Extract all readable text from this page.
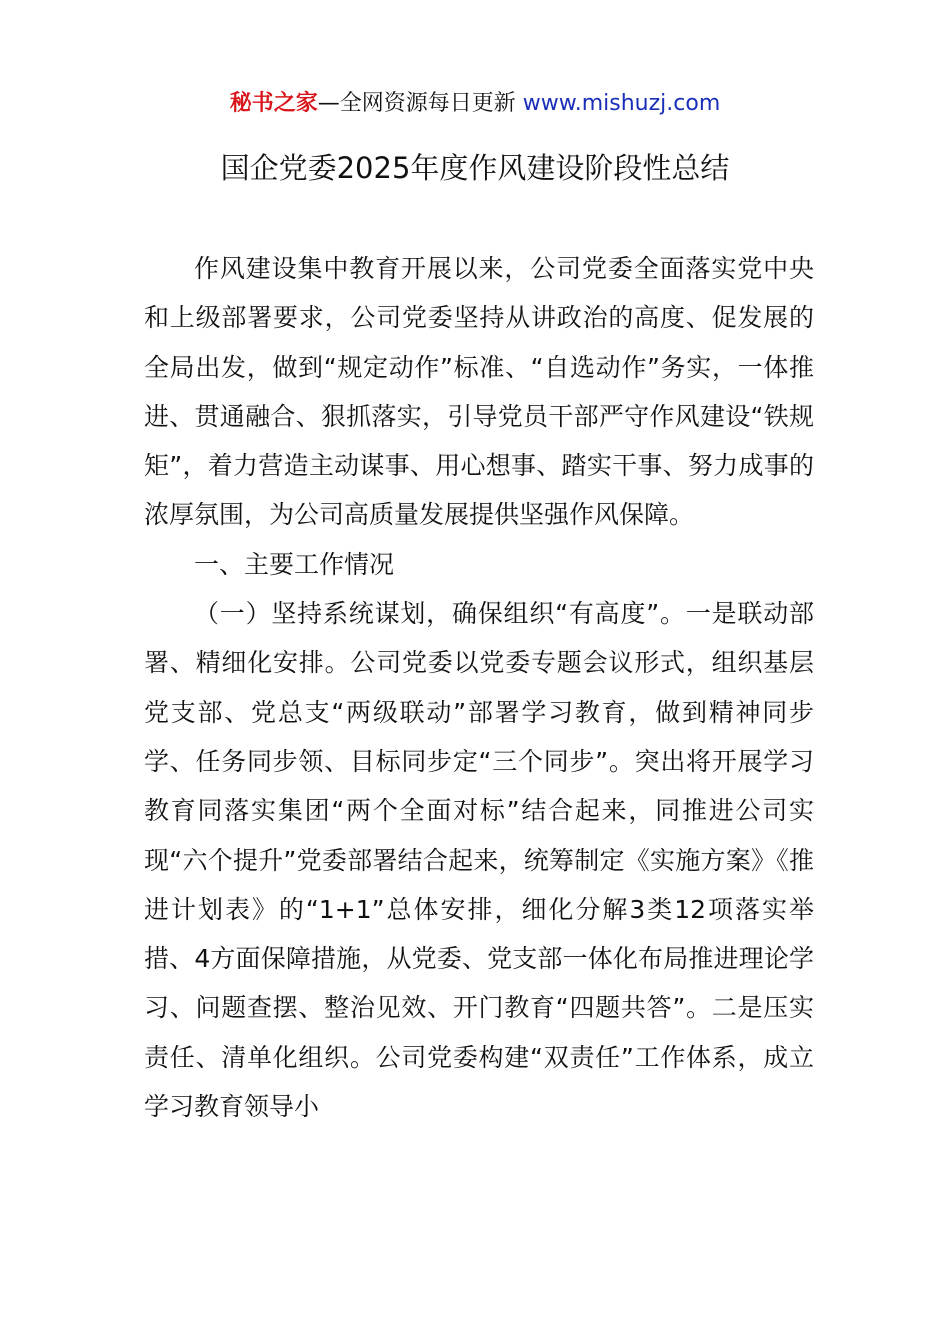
秘书之家—全网资源每日更新 www.mishuzj.com
国企党委2025年度作风建设阶段性总结

作风建设集中教育开展以来，公司党委全面落实党中央和上级部署要求，公司党委坚持从讲政治的高度、促发展的全局出发，做到“规定动作”标准、“自选动作”务实，一体推进、贯通融合、狠抓落实，引导党员干部严守作风建设“铁规矩”，着力营造主动谋事、用心想事、踏实干事、努力成事的浓厚氛围，为公司高质量发展提供坚强作风保障。

一、主要工作情况

（一）坚持系统谋划，确保组织“有高度”。一是联动部署、精细化安排。公司党委以党委专题会议形式，组织基层党支部、党总支“两级联动”部署学习教育，做到精神同步学、任务同步领、目标同步定“三个同步”。突出将开展学习教育同落实集团“两个全面对标”结合起来，同推进公司实现“六个提升”党委部署结合起来，统筹制定《实施方案》《推进计划表》的“1+1”总体安排，细化分解3类12项落实举措、4方面保障措施，从党委、党支部一体化布局推进理论学习、问题查摆、整治见效、开门教育“四题共答”。二是压实责任、清单化组织。公司党委构建“双责任”工作体系，成立学习教育领导小
